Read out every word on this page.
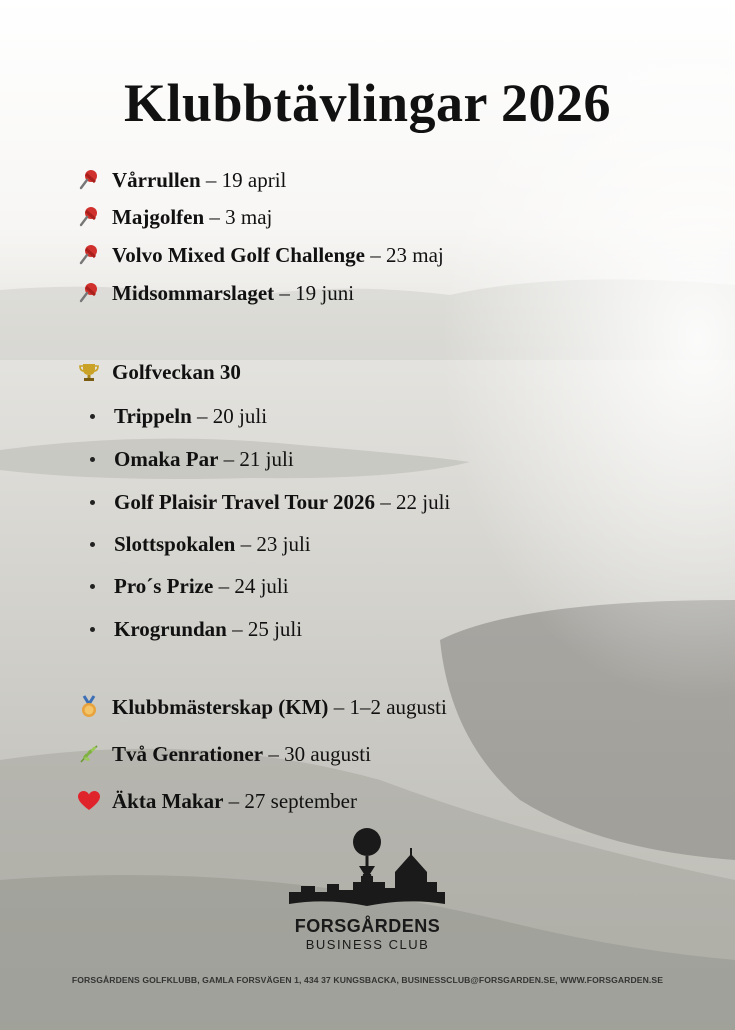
Klubbtävlingar 2026
Vårrullen
– 19 april
Majgolfen
– 3 maj
Volvo Mixed Golf Challenge
– 23 maj
Midsommarslaget
– 19 juni
Golfveckan 30
Trippeln
– 20 juli
Omaka Par
– 21 juli
Golf Plaisir Travel Tour 2026
– 22 juli
Slottspokalen
– 23 juli
Pro´s Prize
– 24 juli
Krogrundan
– 25 juli
Klubbmästerskap (KM)
– 1–2 augusti
Två Genrationer
– 30 augusti
Äkta Makar
– 27 september
FORSGÅRDENS
BUSINESS CLUB
FORSGÅRDENS GOLFKLUBB, GAMLA FORSVÄGEN 1, 434 37 KUNGSBACKA, BUSINESSCLUB@FORSGARDEN.SE, WWW.FORSGARDEN.SE
